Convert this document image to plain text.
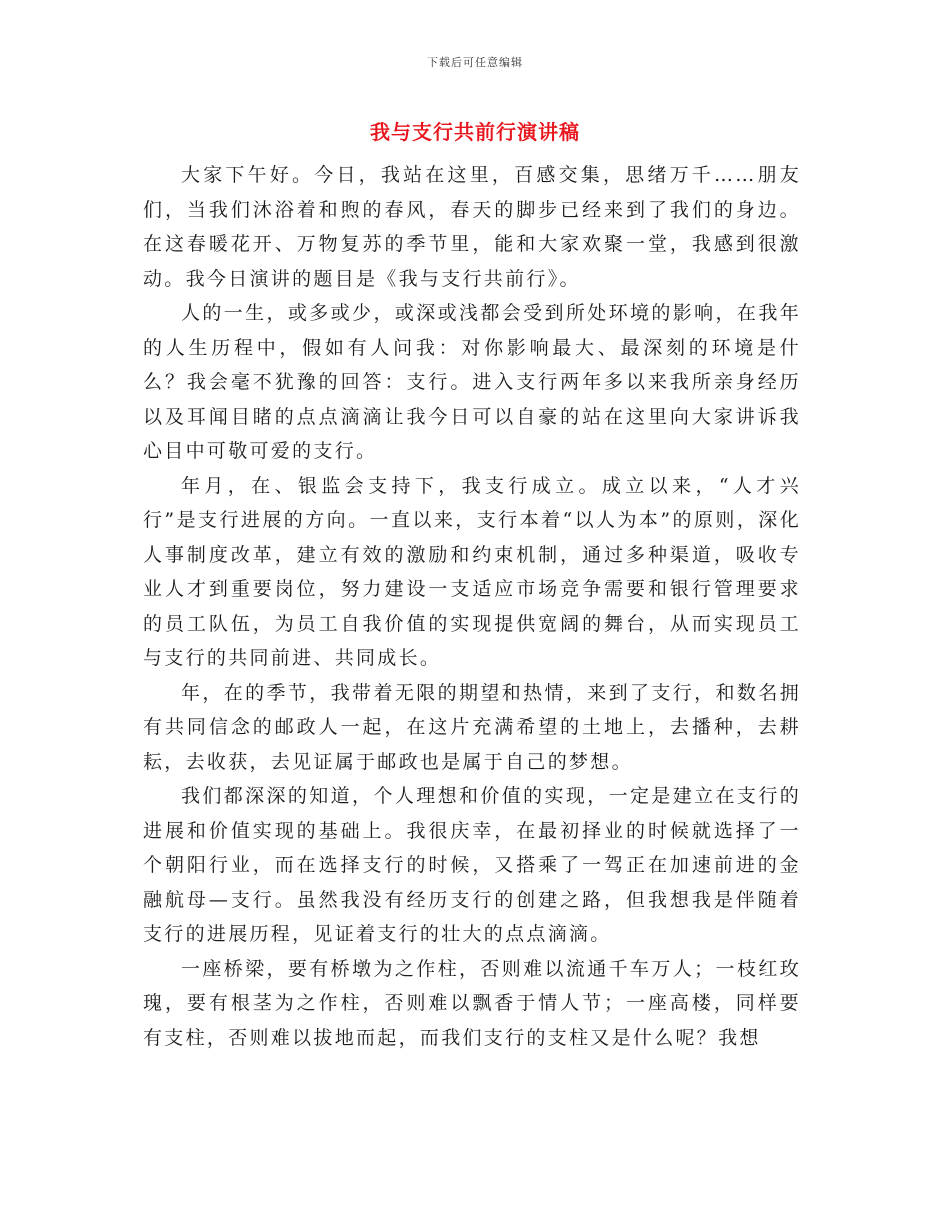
下载后可任意编辑
我与支行共前行演讲稿

大家下午好。今日，我站在这里，百感交集，思绪万千……朋友们，当我们沐浴着和煦的春风，春天的脚步已经来到了我们的身边。在这春暖花开、万物复苏的季节里，能和大家欢聚一堂，我感到很激动。我今日演讲的题目是《我与支行共前行》。

人的一生，或多或少，或深或浅都会受到所处环境的影响，在我年的人生历程中，假如有人问我：对你影响最大、最深刻的环境是什么？我会毫不犹豫的回答：支行。进入支行两年多以来我所亲身经历以及耳闻目睹的点点滴滴让我今日可以自豪的站在这里向大家讲诉我心目中可敬可爱的支行。

年月，在、银监会支持下，我支行成立。成立以来，“人才兴行”是支行进展的方向。一直以来，支行本着“以人为本”的原则，深化人事制度改革，建立有效的激励和约束机制，通过多种渠道，吸收专业人才到重要岗位，努力建设一支适应市场竞争需要和银行管理要求的员工队伍，为员工自我价值的实现提供宽阔的舞台，从而实现员工与支行的共同前进、共同成长。

年，在的季节，我带着无限的期望和热情，来到了支行，和数名拥有共同信念的邮政人一起，在这片充满希望的土地上，去播种，去耕耘，去收获，去见证属于邮政也是属于自己的梦想。

我们都深深的知道，个人理想和价值的实现，一定是建立在支行的进展和价值实现的基础上。我很庆幸，在最初择业的时候就选择了一个朝阳行业，而在选择支行的时候，又搭乘了一驾正在加速前进的金融航母—支行。虽然我没有经历支行的创建之路，但我想我是伴随着支行的进展历程，见证着支行的壮大的点点滴滴。

一座桥梁，要有桥墩为之作柱，否则难以流通千车万人；一枝红玫瑰，要有根茎为之作柱，否则难以飘香于情人节；一座高楼，同样要有支柱，否则难以拔地而起，而我们支行的支柱又是什么呢？我想
